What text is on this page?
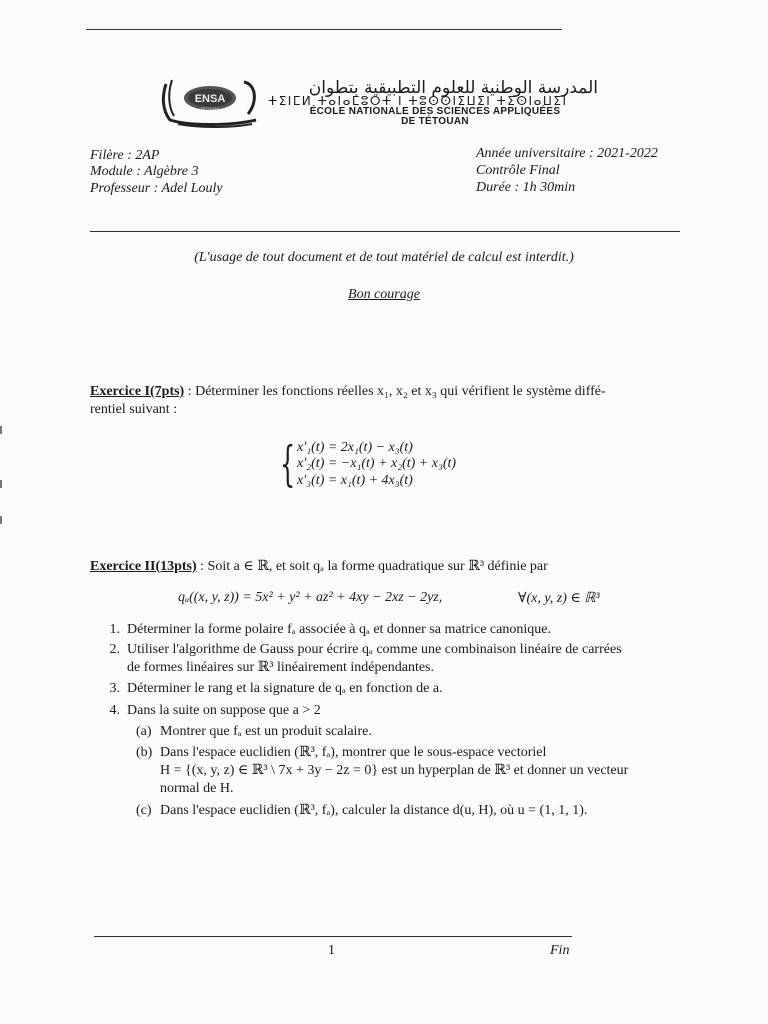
ENSA
TETOUAN
المدرسة الوطنية للعلوم التطبيقية بتطوان
ⵜⵉⵏⵎⵍ ⵜⴰⵏⴰⵎⵓⵔⵜ ⵏ ⵜⵓⵙⵙⵏⵉⵡⵉⵏ ⵜⵉⵙⵏⴰⵡⵉⵏ
ÉCOLE NATIONALE DES SCIENCES APPLIQUÉES
DE TÉTOUAN
Filère : 2AP
Module : Algèbre 3
Professeur : Adel Louly
Année universitaire : 2021-2022
Contrôle Final
Durée : 1h 30min
(L'usage de tout document et de tout matériel de calcul est interdit.)
Bon courage
Exercice I(7pts) : Déterminer les fonctions réelles x₁, x₂ et x₃ qui vérifient le système diffé-
rentiel suivant :
{ x′₁(t) = 2x₁(t) − x₃(t)
x′₂(t) = −x₁(t) + x₂(t) + x₃(t)
x′₃(t) = x₁(t) + 4x₃(t)
Exercice II(13pts) : Soit a ∈ ℝ, et soit qₐ la forme quadratique sur ℝ³ définie par
qₐ((x, y, z)) = 5x² + y² + az² + 4xy − 2xz − 2yz,	∀(x, y, z) ∈ ℝ³
1. Déterminer la forme polaire fₐ associée à qₐ et donner sa matrice canonique.
2. Utiliser l'algorithme de Gauss pour écrire qₐ comme une combinaison linéaire de carrées
de formes linéaires sur ℝ³ linéairement indépendantes.
3. Déterminer le rang et la signature de qₐ en fonction de a.
4. Dans la suite on suppose que a > 2
(a) Montrer que fₐ est un produit scalaire.
(b) Dans l'espace euclidien (ℝ³, fₐ), montrer que le sous-espace vectoriel
H = {(x, y, z) ∈ ℝ³ \ 7x + 3y − 2z = 0} est un hyperplan de ℝ³ et donner un vecteur
normal de H.
(c) Dans l'espace euclidien (ℝ³, fₐ), calculer la distance d(u, H), où u = (1, 1, 1).
1	Fin
